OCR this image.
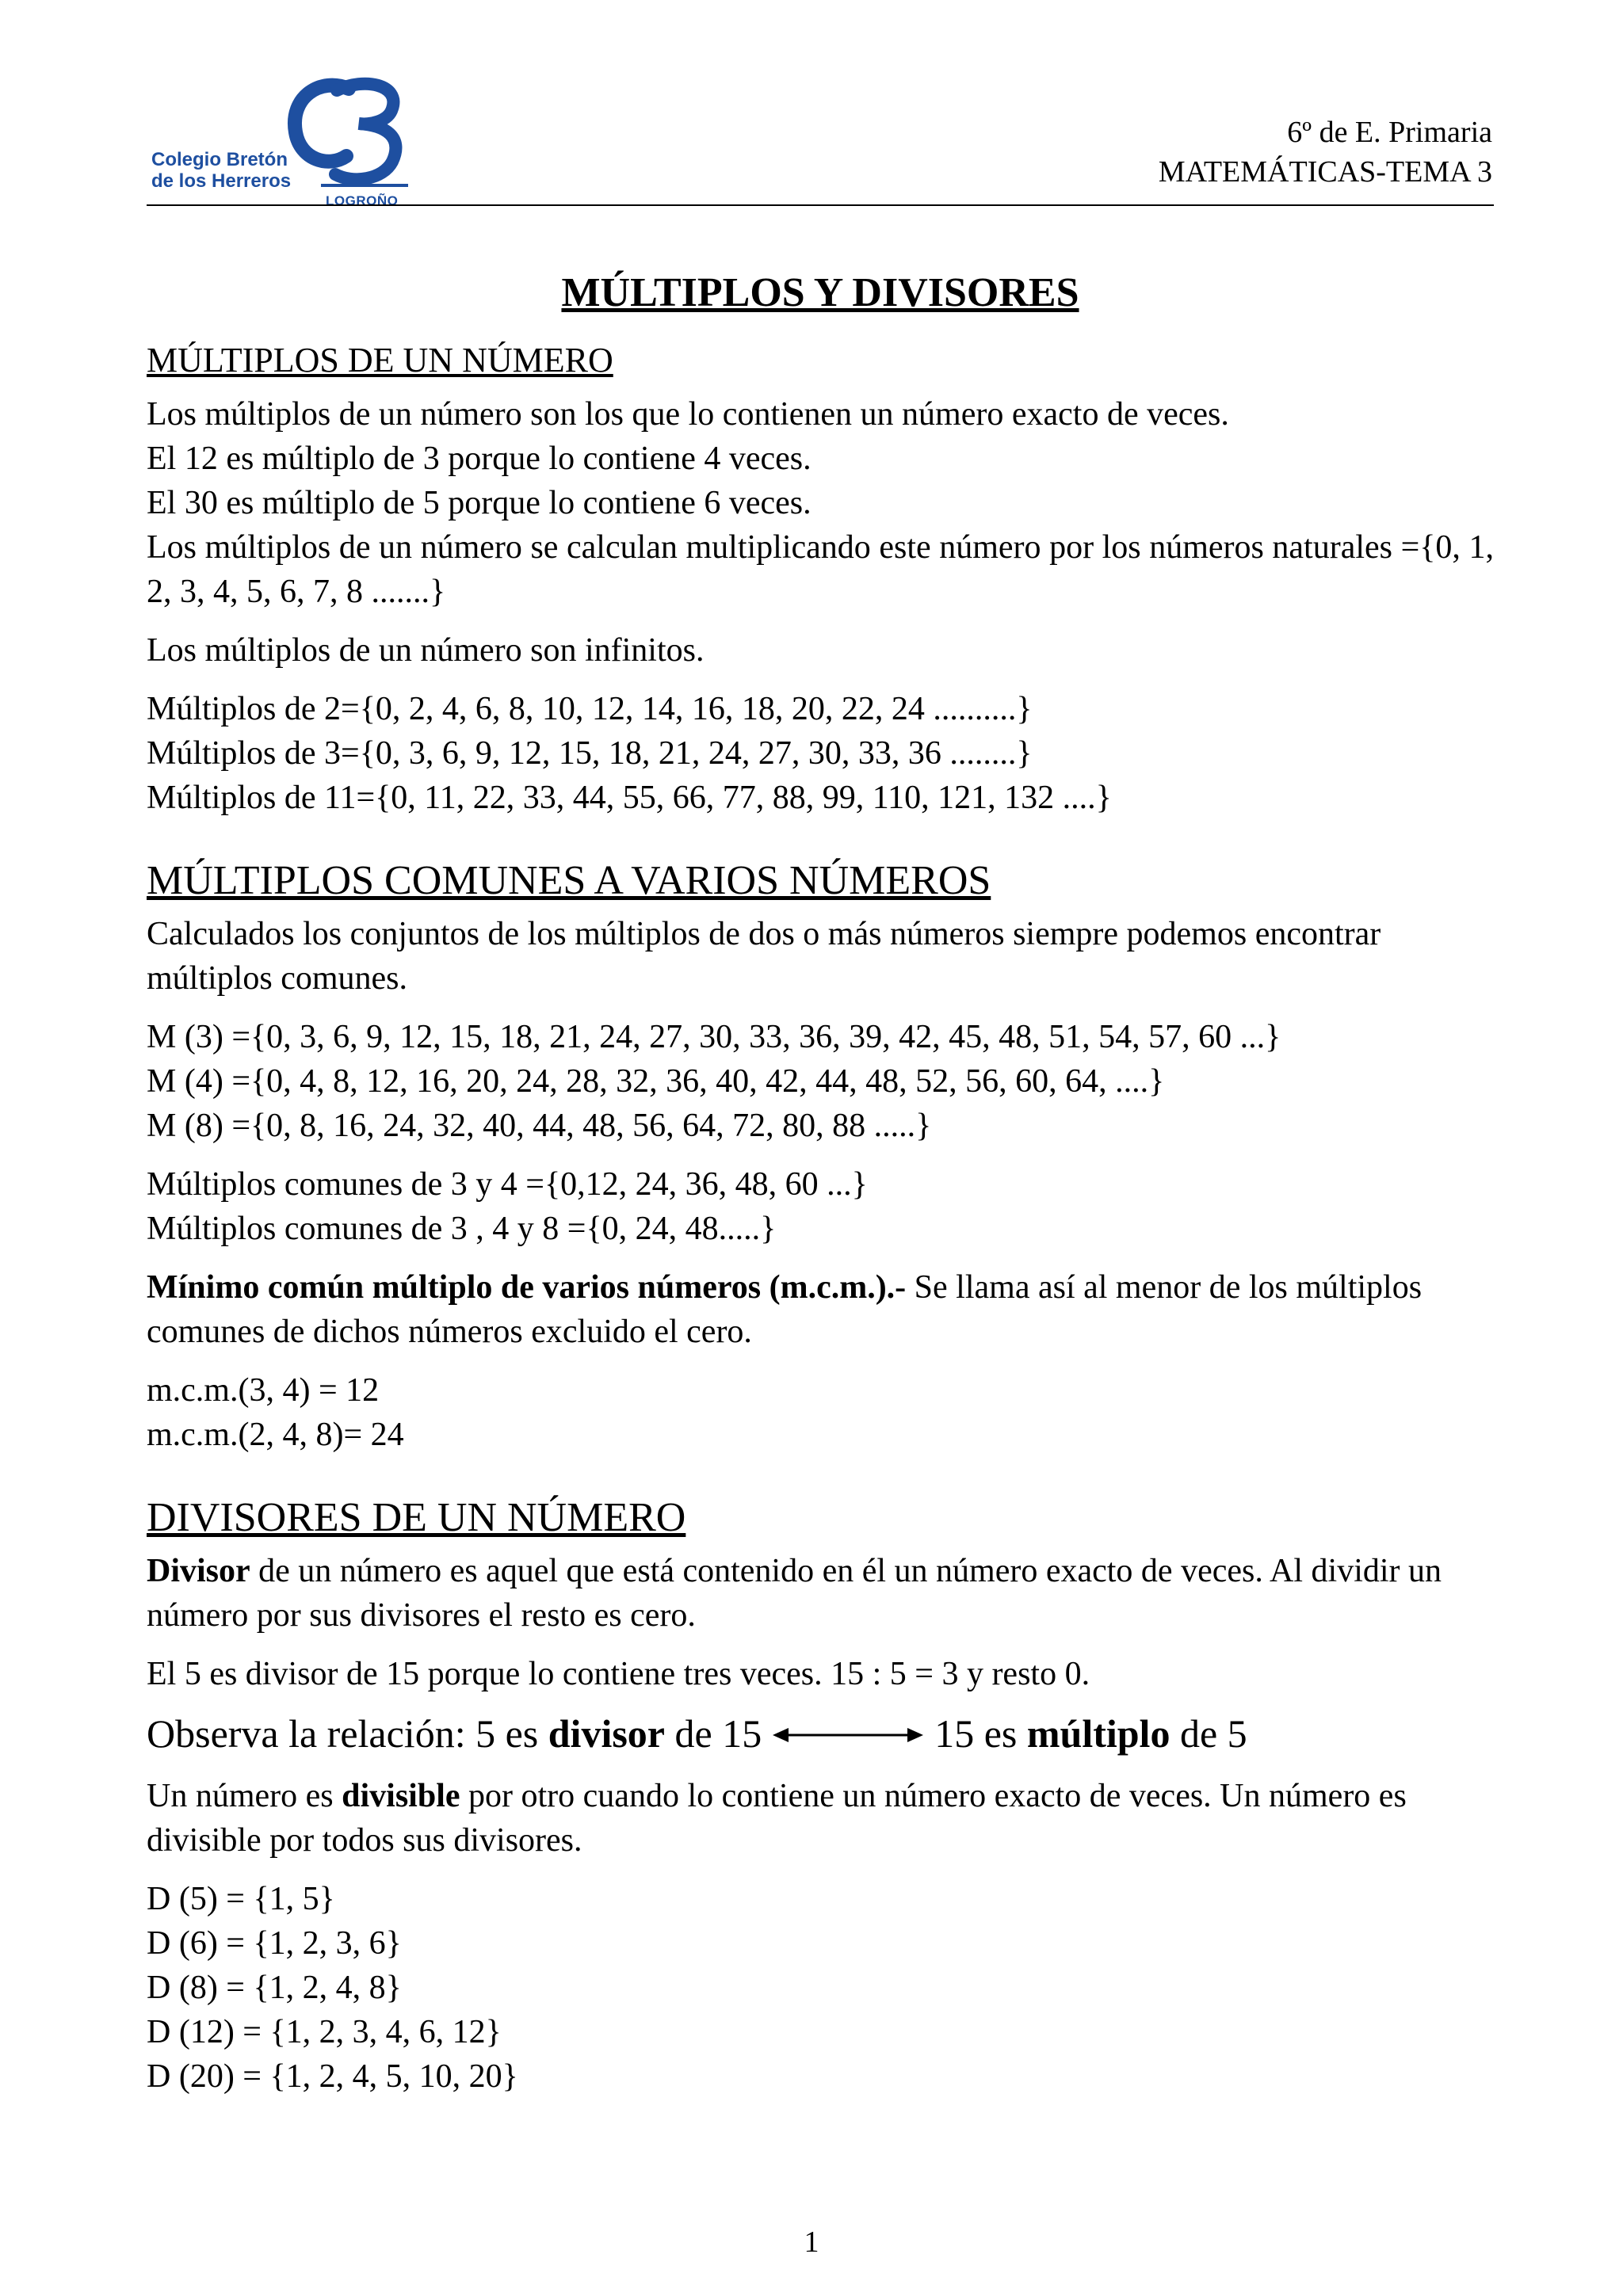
Colegio Bretón
de los Herreros
LOGROÑO
6º de E. Primaria
MATEMÁTICAS-TEMA 3
MÚLTIPLOS Y DIVISORES
MÚLTIPLOS DE UN NÚMERO

Los múltiplos de un número son los que lo contienen un número exacto de veces.

El 12 es múltiplo de 3 porque lo contiene 4 veces.

El 30 es múltiplo de 5 porque lo contiene 6 veces.

Los múltiplos de un número se calculan multiplicando este número por los números naturales ={0, 1, 2, 3, 4, 5, 6, 7, 8 .......}

Los múltiplos de un número son infinitos.

Múltiplos de 2={0, 2, 4, 6, 8, 10, 12, 14, 16, 18, 20, 22, 24 ..........}

Múltiplos de 3={0, 3, 6, 9, 12, 15, 18, 21, 24, 27, 30, 33, 36 ........}

Múltiplos de 11={0, 11, 22, 33, 44, 55, 66, 77, 88, 99, 110, 121, 132 ....}

MÚLTIPLOS COMUNES A VARIOS NÚMEROS

Calculados los conjuntos de los múltiplos de dos o más números siempre podemos encontrar múltiplos comunes.

M (3) ={0, 3, 6, 9, 12, 15, 18, 21, 24, 27, 30, 33, 36, 39, 42, 45, 48, 51, 54, 57, 60 ...}

M (4) ={0, 4, 8, 12, 16, 20, 24, 28, 32, 36, 40, 42, 44, 48, 52, 56, 60, 64, ....}

M (8) ={0, 8, 16, 24, 32, 40, 44, 48, 56, 64, 72, 80, 88 .....}

Múltiplos comunes de 3 y 4 ={0,12, 24, 36, 48, 60 ...}

Múltiplos comunes de 3 , 4 y 8 ={0, 24, 48.....}

Mínimo común múltiplo de varios números (m.c.m.).- Se llama así al menor de los múltiplos comunes de dichos números excluido el cero.

m.c.m.(3, 4) = 12

m.c.m.(2, 4, 8)= 24

DIVISORES DE UN NÚMERO

Divisor de un número es aquel que está contenido en él un número exacto de veces. Al dividir un número por sus divisores el resto es cero.

El 5 es divisor de 15 porque lo contiene tres veces. 15 : 5 = 3 y resto 0.

Observa la relación: 5 es divisor de 15	15 es múltiplo de 5

Un número es divisible por otro cuando lo contiene un número exacto de veces. Un número es divisible por todos sus divisores.

D (5) = {1, 5}

D (6) = {1, 2, 3, 6}

D (8) = {1, 2, 4, 8}

D (12) = {1, 2, 3, 4, 6, 12}

D (20) = {1, 2, 4, 5, 10, 20}

1
